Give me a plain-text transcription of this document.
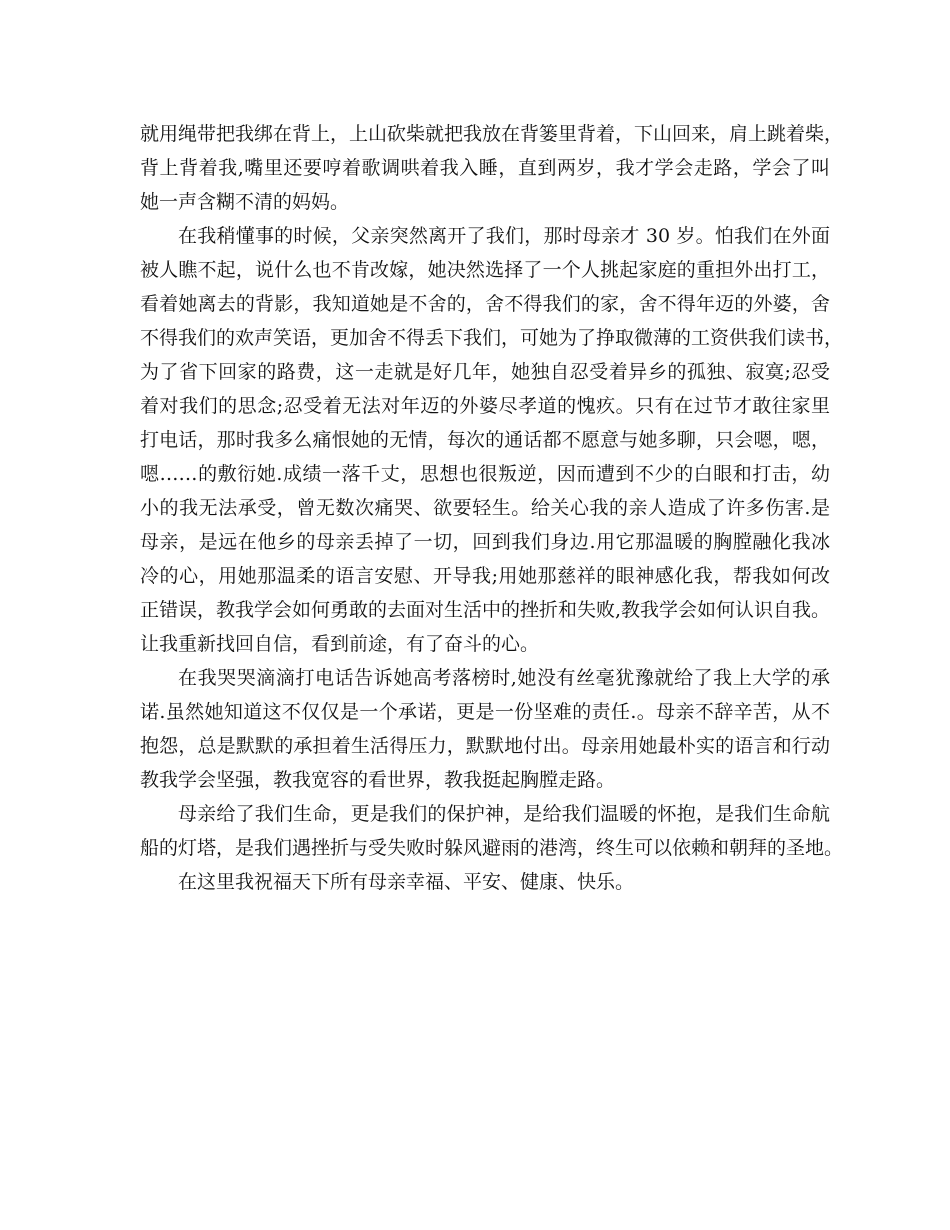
就用绳带把我绑在背上，上山砍柴就把我放在背篓里背着，下山回来，肩上跳着柴，
背上背着我,嘴里还要哼着歌调哄着我入睡，直到两岁，我才学会走路，学会了叫
她一声含糊不清的妈妈。
在我稍懂事的时候，父亲突然离开了我们，那时母亲才 30 岁。怕我们在外面
被人瞧不起，说什么也不肯改嫁，她决然选择了一个人挑起家庭的重担外出打工，
看着她离去的背影，我知道她是不舍的，舍不得我们的家，舍不得年迈的外婆，舍
不得我们的欢声笑语，更加舍不得丢下我们，可她为了挣取微薄的工资供我们读书，
为了省下回家的路费，这一走就是好几年，她独自忍受着异乡的孤独、寂寞;忍受
着对我们的思念;忍受着无法对年迈的外婆尽孝道的愧疚。只有在过节才敢往家里
打电话，那时我多么痛恨她的无情，每次的通话都不愿意与她多聊，只会嗯，嗯，
嗯……的敷衍她.成绩一落千丈，思想也很叛逆，因而遭到不少的白眼和打击，幼
小的我无法承受，曾无数次痛哭、欲要轻生。给关心我的亲人造成了许多伤害.是
母亲，是远在他乡的母亲丢掉了一切，回到我们身边.用它那温暖的胸膛融化我冰
冷的心，用她那温柔的语言安慰、开导我;用她那慈祥的眼神感化我，帮我如何改
正错误，教我学会如何勇敢的去面对生活中的挫折和失败,教我学会如何认识自我。
让我重新找回自信，看到前途，有了奋斗的心。
在我哭哭滴滴打电话告诉她高考落榜时,她没有丝毫犹豫就给了我上大学的承
诺.虽然她知道这不仅仅是一个承诺，更是一份坚难的责任.。母亲不辞辛苦，从不
抱怨，总是默默的承担着生活得压力，默默地付出。母亲用她最朴实的语言和行动
教我学会坚强，教我宽容的看世界，教我挺起胸膛走路。
母亲给了我们生命，更是我们的保护神，是给我们温暖的怀抱，是我们生命航
船的灯塔，是我们遇挫折与受失败时躲风避雨的港湾，终生可以依赖和朝拜的圣地。
在这里我祝福天下所有母亲幸福、平安、健康、快乐。
